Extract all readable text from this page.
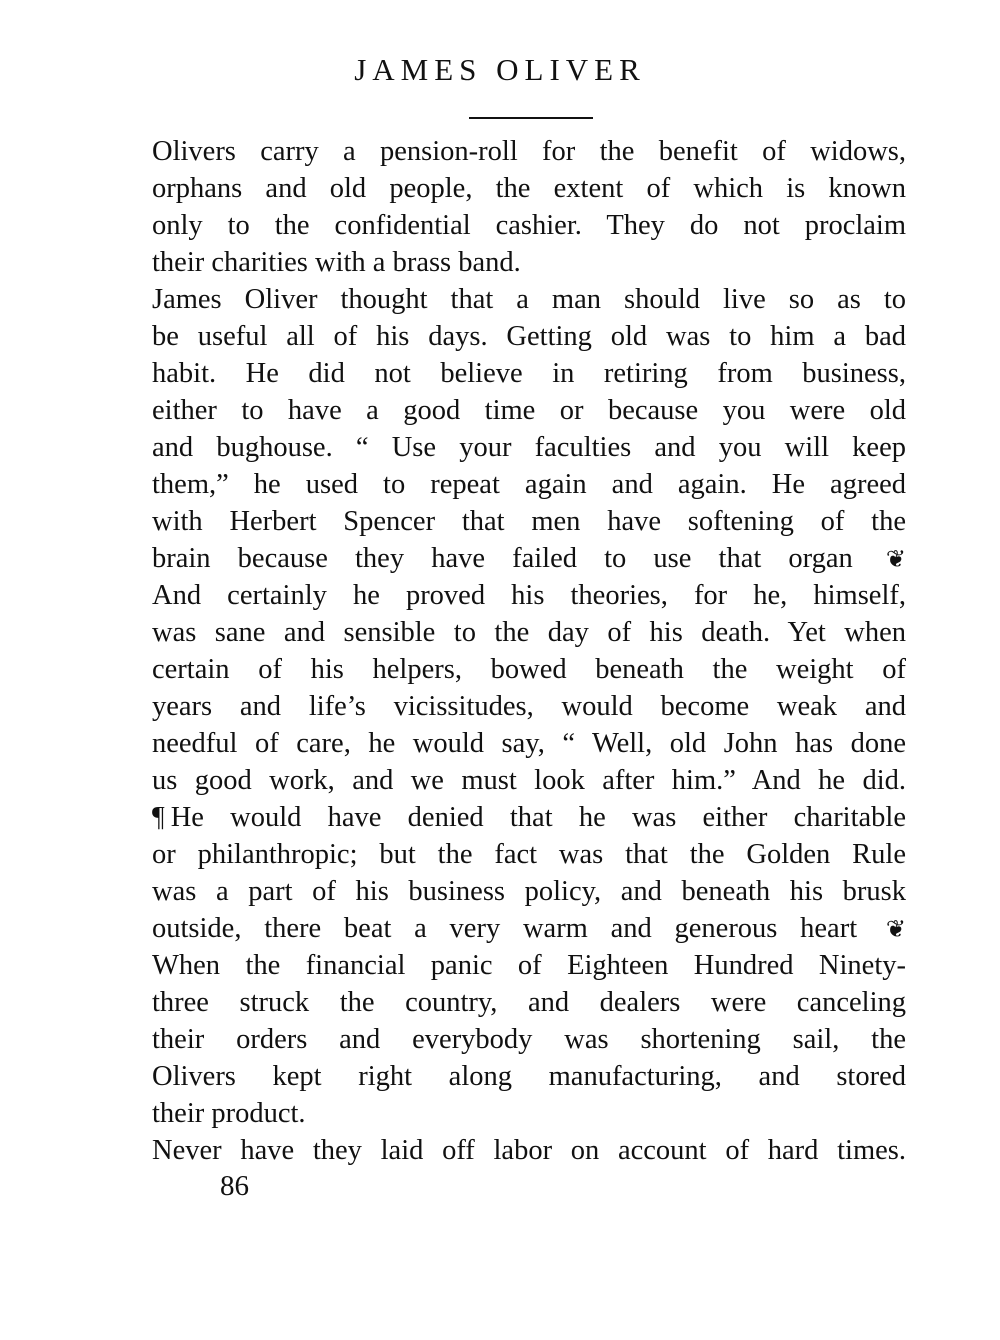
JAMES OLIVER
Olivers carry a pension-roll for the benefit of widows,
orphans and old people, the extent of which is known
only to the confidential cashier. They do not proclaim
their charities with a brass band.
James Oliver thought that a man should live so as to
be useful all of his days. Getting old was to him a bad
habit. He did not believe in retiring from business,
either to have a good time or because you were old
and bughouse. “ Use your faculties and you will keep
them,” he used to repeat again and again. He agreed
with Herbert Spencer that men have softening of the
brain because they have failed to use that organ ❦
And certainly he proved his theories, for he, himself,
was sane and sensible to the day of his death. Yet when
certain of his helpers, bowed beneath the weight of
years and life’s vicissitudes, would become weak and
needful of care, he would say, “ Well, old John has done
us good work, and we must look after him.” And he did.
¶ He would have denied that he was either charitable
or philanthropic; but the fact was that the Golden Rule
was a part of his business policy, and beneath his brusk
outside, there beat a very warm and generous heart ❦
When the financial panic of Eighteen Hundred Ninety-
three struck the country, and dealers were canceling
their orders and everybody was shortening sail, the
Olivers kept right along manufacturing, and stored
their product.
Never have they laid off labor on account of hard times.
86
